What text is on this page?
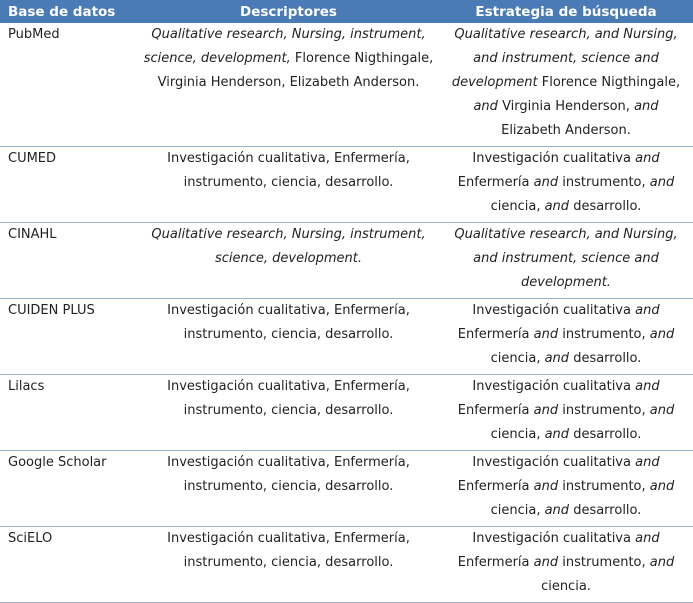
Base de datos	Descriptores	Estrategia de búsqueda
PubMed	Qualitative research, Nursing, instrument, science, development, Florence Nigthingale, Virginia Henderson, Elizabeth Anderson.	Qualitative research, and Nursing, and instrument, science and development Florence Nigthingale, and Virginia Henderson, and Elizabeth Anderson.
CUMED	Investigación cualitativa, Enfermería, instrumento, ciencia, desarrollo.	Investigación cualitativa and Enfermería and instrumento, and ciencia, and desarrollo.
CINAHL	Qualitative research, Nursing, instrument, science, development.	Qualitative research, and Nursing, and instrument, science and development.
CUIDEN PLUS	Investigación cualitativa, Enfermería, instrumento, ciencia, desarrollo.	Investigación cualitativa and Enfermería and instrumento, and ciencia, and desarrollo.
Lilacs	Investigación cualitativa, Enfermería, instrumento, ciencia, desarrollo.	Investigación cualitativa and Enfermería and instrumento, and ciencia, and desarrollo.
Google Scholar	Investigación cualitativa, Enfermería, instrumento, ciencia, desarrollo.	Investigación cualitativa and Enfermería and instrumento, and ciencia, and desarrollo.
SciELO	Investigación cualitativa, Enfermería, instrumento, ciencia, desarrollo.	Investigación cualitativa and Enfermería and instrumento, and ciencia.
